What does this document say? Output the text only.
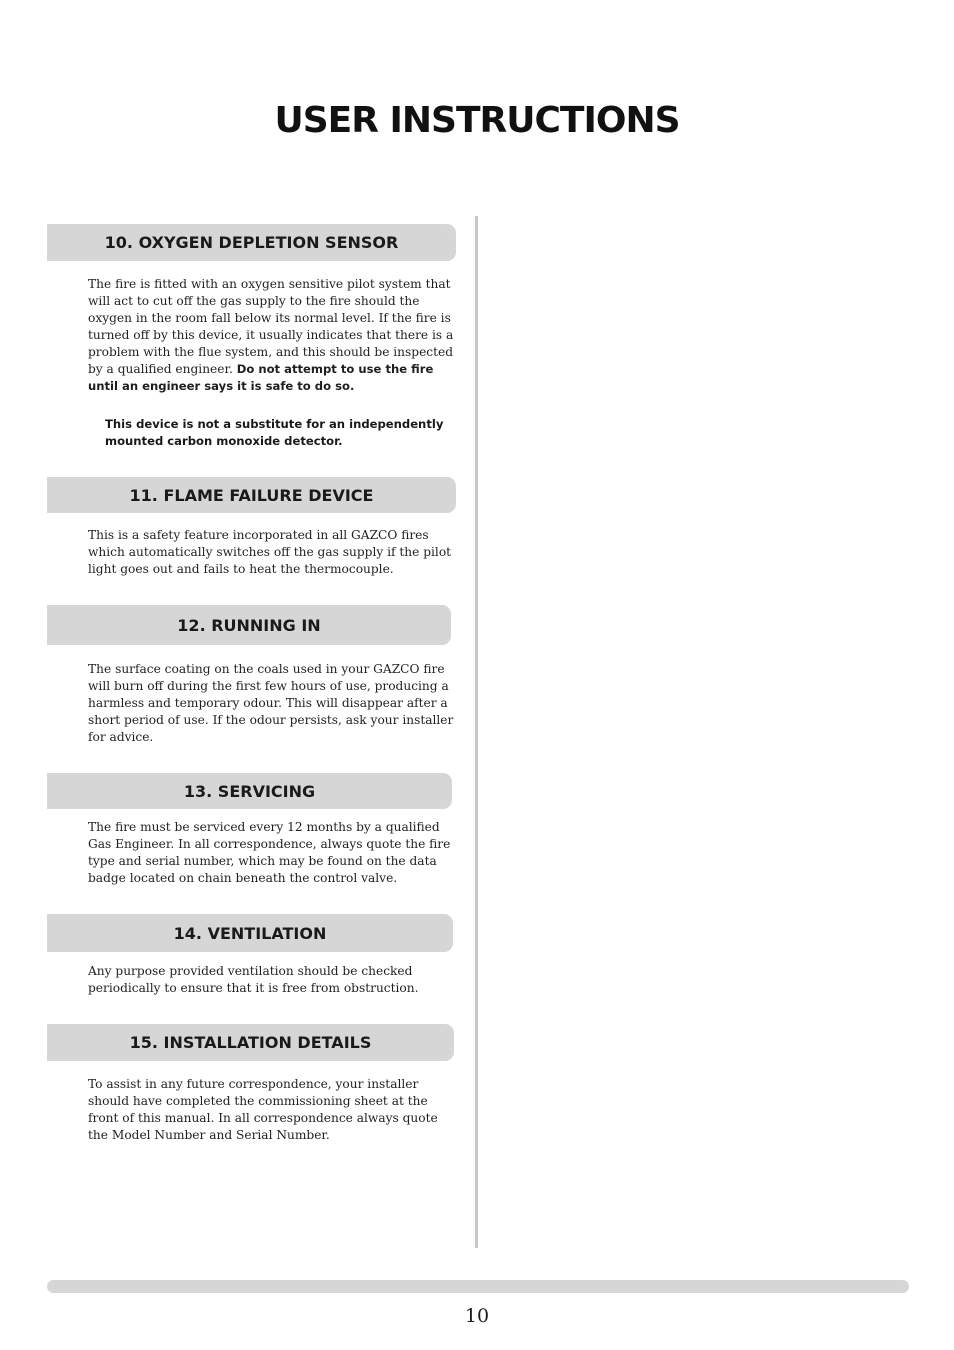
USER INSTRUCTIONS
10. OXYGEN DEPLETION SENSOR

The fire is fitted with an oxygen sensitive pilot system that will act to cut off the gas supply to the fire should the oxygen in the room fall below its normal level. If the fire is turned off by this device, it usually indicates that there is a problem with the flue system, and this should be inspected by a qualified engineer. Do not attempt to use the fire until an engineer says it is safe to do so.

This device is not a substitute for an independently mounted carbon monoxide detector.

11. FLAME FAILURE DEVICE

This is a safety feature incorporated in all GAZCO fires which automatically switches off the gas supply if the pilot light goes out and fails to heat the thermocouple.

12. RUNNING IN

The surface coating on the coals used in your GAZCO fire will burn off during the first few hours of use, producing a harmless and temporary odour. This will disappear after a short period of use. If the odour persists, ask your installer for advice.

13. SERVICING

The fire must be serviced every 12 months by a qualified Gas Engineer. In all correspondence, always quote the fire type and serial number, which may be found on the data badge located on chain beneath the control valve.

14. VENTILATION

Any purpose provided ventilation should be checked periodically to ensure that it is free from obstruction.

15. INSTALLATION DETAILS

To assist in any future correspondence, your installer should have completed the commissioning sheet at the front of this manual. In all correspondence always quote the Model Number and Serial Number.

10
